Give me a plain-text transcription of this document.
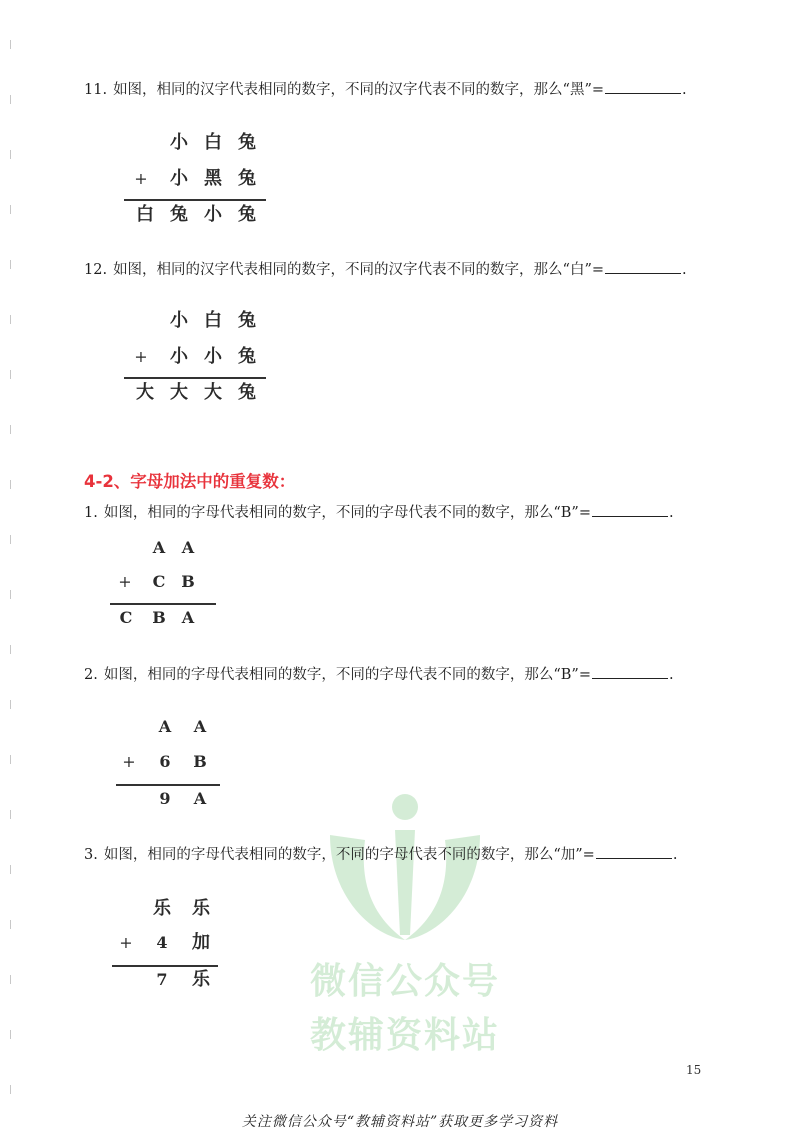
11. 如图，相同的汉字代表相同的数字，不同的汉字代表不同的数字，那么“黑”=	.
小 白 兔
+	小 黑 兔
白 兔 小 兔
12. 如图，相同的汉字代表相同的数字，不同的汉字代表不同的数字，那么“白”=	.
小 白 兔
+	小 小 兔
大 大 大 兔
4-2、字母加法中的重复数：
1. 如图，相同的字母代表相同的数字，不同的字母代表不同的数字，那么“B”=	.
A	A
+	C B
C	B	A
2. 如图，相同的字母代表相同的数字，不同的字母代表不同的数字，那么“B”=	.
A	A
+	6	B
9	A
微信公众号
教辅资料站
3. 如图，相同的字母代表相同的数字，不同的字母代表不同的数字，那么“加”=	.
乐	乐
+	4	加
7	乐
15
关注微信公众号“教辅资料站”获取更多学习资料
